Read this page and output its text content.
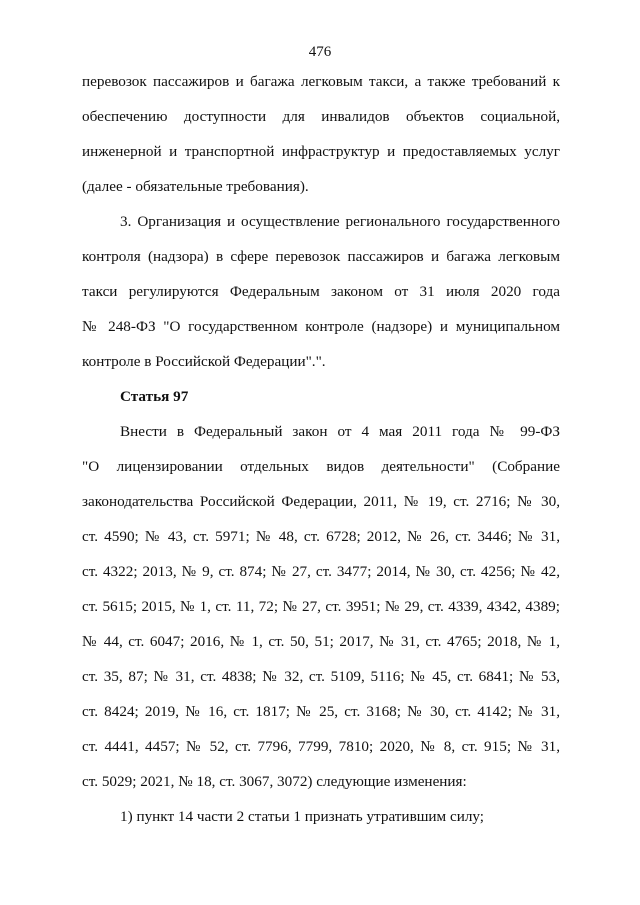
476

перевозок пассажиров и багажа легковым такси, а также требований к
обеспечению доступности для инвалидов объектов социальной,
инженерной и транспортной инфраструктур и предоставляемых услуг
(далее - обязательные требования).

3. Организация и осуществление регионального государственного
контроля (надзора) в сфере перевозок пассажиров и багажа легковым
такси регулируются Федеральным законом от 31 июля 2020 года
№ 248-ФЗ "О государственном контроле (надзоре) и муниципальном
контроле в Российской Федерации".".

Статья 97

Внести в Федеральный закон от 4 мая 2011 года № 99-ФЗ
"О лицензировании отдельных видов деятельности" (Собрание
законодательства Российской Федерации, 2011, № 19, ст. 2716; № 30,
ст. 4590; № 43, ст. 5971; № 48, ст. 6728; 2012, № 26, ст. 3446; № 31,
ст. 4322; 2013, № 9, ст. 874; № 27, ст. 3477; 2014, № 30, ст. 4256; № 42,
ст. 5615; 2015, № 1, ст. 11, 72; № 27, ст. 3951; № 29, ст. 4339, 4342, 4389;
№ 44, ст. 6047; 2016, № 1, ст. 50, 51; 2017, № 31, ст. 4765; 2018, № 1,
ст. 35, 87; № 31, ст. 4838; № 32, ст. 5109, 5116; № 45, ст. 6841; № 53,
ст. 8424; 2019, № 16, ст. 1817; № 25, ст. 3168; № 30, ст. 4142; № 31,
ст. 4441, 4457; № 52, ст. 7796, 7799, 7810; 2020, № 8, ст. 915; № 31,
ст. 5029; 2021, № 18, ст. 3067, 3072) следующие изменения:

1) пункт 14 части 2 статьи 1 признать утратившим силу;
